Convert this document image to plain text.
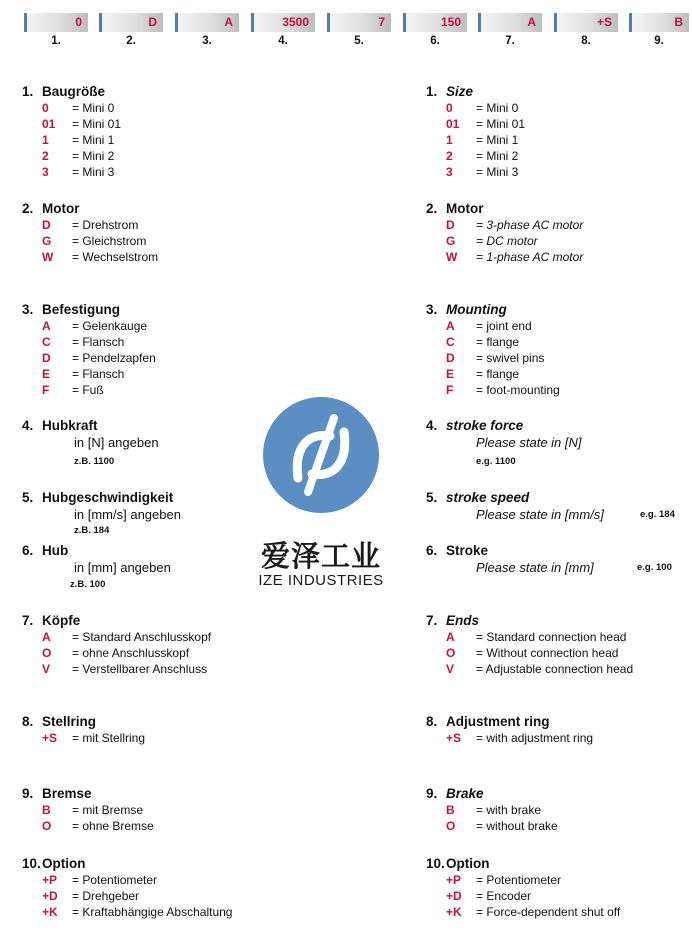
0
1.
D
2.
A
3.
3500
4.
7
5.
150
6.
A
7.
+S
8.
B
9.
1. Baugröße
0 = Mini 0
01 = Mini 01
1 = Mini 1
2 = Mini 2
3 = Mini 3
2. Motor
D = Drehstrom
G = Gleichstrom
W = Wechselstrom
3. Befestigung
A = Gelenkauge
C = Flansch
D = Pendelzapfen
E = Flansch
F = Fuß
4. Hubkraft
in [N] angeben
z.B. 1100
5. Hubgeschwindigkeit
in [mm/s] angeben
z.B. 184
6. Hub
in [mm] angeben
z.B. 100
7. Köpfe
A = Standard Anschlusskopf
O = ohne Anschlusskopf
V = Verstellbarer Anschluss
8. Stellring
+S = mit Stellring
9. Bremse
B = mit Bremse
O = ohne Bremse
10.Option
+P = Potentiometer
+D = Drehgeber
+K = Kraftabhängige Abschaltung
1. Size
0 = Mini 0
01 = Mini 01
1 = Mini 1
2 = Mini 2
3 = Mini 3
2. Motor
D = 3-phase AC motor
G = DC motor
W = 1-phase AC motor
3. Mounting
A = joint end
C = flange
D = swivel pins
E = flange
F = foot-mounting
4. stroke force
Please state in [N]
e.g. 1100
5. stroke speed
Please state in [mm/s]	e.g. 184
6. Stroke
Please state in [mm]	e.g. 100
7. Ends
A = Standard connection head
O = Without connection head
V = Adjustable connection head
8. Adjustment ring
+S = with adjustment ring
9. Brake
B = with brake
O = without brake
10.Option
+P = Potentiometer
+D = Encoder
+K = Force-dependent shut off
爱泽工业
IZE INDUSTRIES
